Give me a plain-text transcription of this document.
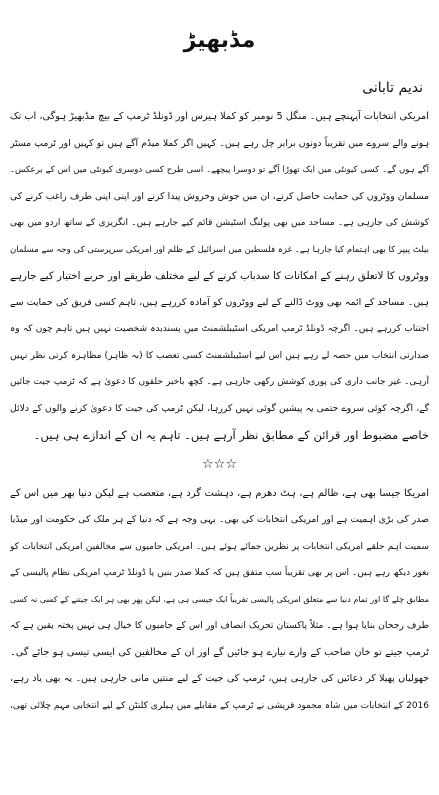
مڈبھیڑ
ندیم تابانی
امریکی انتخابات آپہنچے ہیں۔ منگل 5 نومبر کو کملا ہیرس اور ڈونلڈ ٹرمپ کے بیچ مڈبھیڑ ہوگی، اب تک
ہونے والے سروے میں تقریباً دونوں برابر چل رہے ہیں۔ کہیں اگر کملا میڈم آگے ہیں تو کہیں اور ٹرمپ مسٹر
آگے ہوں گے۔ کسی کیونٹی میں ایک تھوڑا آگے تو دوسرا پیچھے۔ اسی طرح کسی دوسری کیونٹی میں اس کے برعکس۔
مسلمان ووٹروں کی حمایت حاصل کرنے، ان میں جوش وخروش پیدا کرنے اور اپنی اپنی طرف راغب کرنے کی
کوشش کی جارہی ہے۔ مساجد میں بھی پولنگ اسٹیشن قائم کیے جارہے ہیں۔ انگریزی کے ساتھ اردو میں بھی
بیلٹ پیپر کا بھی اہتمام کیا جارہا ہے۔ غزہ فلسطین میں اسرائیل کے ظلم اور امریکی سرپرستی کی وجہ سے مسلمان
ووٹروں کا لاتعلق رہنے کے امکانات کا سدباب کرنے کے لیے مختلف طریقے اور حربے اختیار کیے جارہے
ہیں۔ مساجد کے ائمہ بھی ووٹ ڈالنے کے لیے ووٹروں کو آمادہ کررہے ہیں، تاہم کسی فریق کی حمایت سے
اجتناب کررہے ہیں۔ اگرچہ ڈونلڈ ٹرمپ امریکی اسٹیبلشمنٹ میں پسندیدہ شخصیت نہیں ہیں تاہم چوں کہ وہ
صدارتی انتخاب میں حصہ لے رہے ہیں اس لیے اسٹیبلشمنٹ کسی تعصب کا (بہ ظاہر) مظاہرہ کرتی نظر نہیں
آرہی۔ غیر جانب داری کی پوری کوشش رکھی جارہی ہے۔ کچھ باخبر حلقوں کا دعویٰ ہے کہ ٹرمپ جیت جائیں
گے، اگرچہ کوئی سروے حتمی یہ پیشین گوئی نہیں کررہا، لیکن ٹرمپ کی جیت کا دعویٰ کرنے والوں کے دلائل
خاصے مضبوط اور قرائن کے مطابق نظر آرہے ہیں۔ تاہم یہ ان کے اندازے ہی ہیں۔
☆☆☆
امریکا جیسا بھی ہے، ظالم ہے، ہٹ دھرم ہے، دہشت گرد ہے، متعصب ہے لیکن دنیا بھر میں اس کے
صدر کی بڑی اہمیت ہے اور امریکی انتخابات کی بھی۔ یہی وجہ ہے کہ دنیا کے ہر ملک کی حکومت اور میڈیا
سمیت اہم حلقے امریکی انتخابات پر نظریں جمائے ہوئے ہیں۔ امریکی حامیوں سے مخالفین امریکی انتخابات کو
بغور دیکھ رہے ہیں۔ اس پر بھی تقریباً سب متفق ہیں کہ کملا صدر بنیں یا ڈونلڈ ٹرمپ امریکی نظام پالیسی کے
مطابق چلے گا اور تمام دنیا سے متعلق امریکی پالیسی تقریباً ایک جیسی ہی ہے، لیکن پھر بھی ہر ایک جیتنے کے کسی نہ کسی
طرف رجحان بنایا ہوا ہے۔ مثلاً پاکستان تحریک انصاف اور اس کے حامیوں کا خیال ہی نہیں پختہ یقین ہے کہ
ٹرمپ جیتے تو خان صاحب کے وارے نیارے ہو جائیں گے اور ان کے مخالفین کی ایسی تیسی ہو جائے گی۔
جھولیاں پھیلا کر دعائیں کی جارہی ہیں، ٹرمپ کی جیت کے لیے منتیں مانی جارہی ہیں۔ یہ بھی یاد رہے،
2016 کے انتخابات میں شاہ محمود قریشی نے ٹرمپ کے مقابلے میں ہیلری کلنٹن کے لیے انتخابی مہم چلائی تھی،
